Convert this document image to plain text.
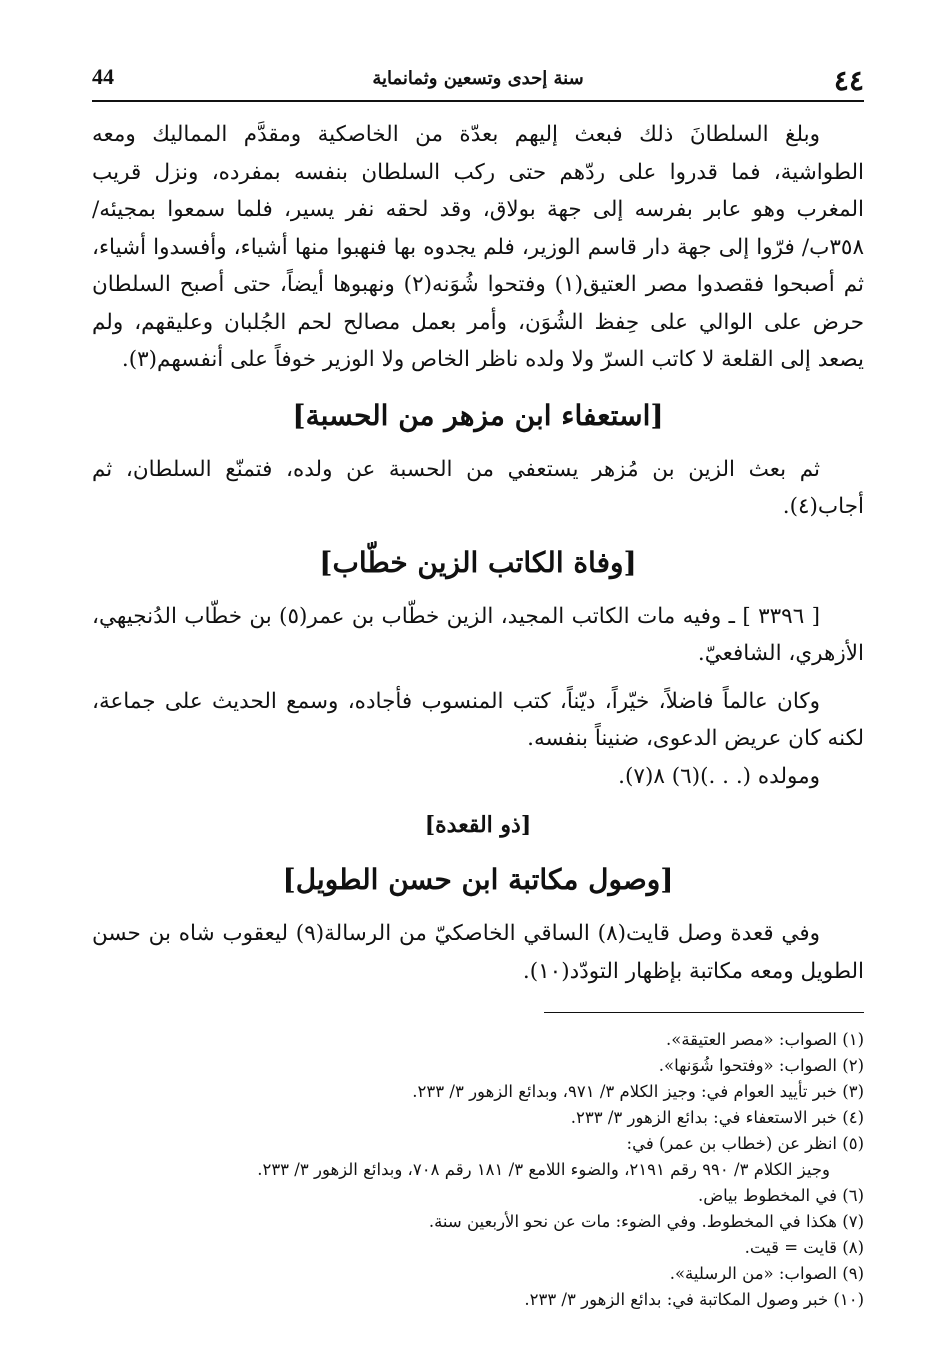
٤٤
سنة إحدى وتسعين وثمانماية
44

وبلغ السلطانَ ذلك فبعث إليهم بعدّة من الخاصكية ومقدَّم المماليك ومعه الطواشية، فما قدروا على ردّهم حتى ركب السلطان بنفسه بمفرده، ونزل قريب المغرب وهو عابر بفرسه إلى جهة بولاق، وقد لحقه نفر يسير، فلما سمعوا بمجيئه/٣٥٨ب/ فرّوا إلى جهة دار قاسم الوزير، فلم يجدوه بها فنهبوا منها أشياء، وأفسدوا أشياء، ثم أصبحوا فقصدوا مصر العتيق(١) وفتحوا شُوَنه(٢) ونهبوها أيضاً، حتى أصبح السلطان حرض على الوالي على حِفظ الشُوَن، وأمر بعمل مصالح لحم الجُلبان وعليقهم، ولم يصعد إلى القلعة لا كاتب السرّ ولا ولده ناظر الخاص ولا الوزير خوفاً على أنفسهم(٣).

[استعفاء ابن مزهر من الحسبة]

ثم بعث الزين بن مُزهر يستعفي من الحسبة عن ولده، فتمنّع السلطان، ثم أجاب(٤).

[وفاة الكاتب الزين خطّاب]

[ ٣٣٩٦ ] ـ وفيه مات الكاتب المجيد، الزين خطّاب بن عمر(٥) بن خطّاب الدُنجيهي، الأزهري، الشافعيّ.

وكان عالماً فاضلاً، خيّراً، ديّناً، كتب المنسوب فأجاده، وسمع الحديث على جماعة، لكنه كان عريض الدعوى، ضنيناً بنفسه.

ومولده (. . .)(٦) ٨(٧).

[ذو القعدة]
[وصول مكاتبة ابن حسن الطويل]

وفي قعدة وصل قايت(٨) الساقي الخاصكيّ من الرسالة(٩) ليعقوب شاه بن حسن الطويل ومعه مكاتبة بإظهار التودّد(١٠).

(١) الصواب: «مصر العتيقة».

(٢) الصواب: «وفتحوا شُوَنها».

(٣) خبر تأييد العوام في: وجيز الكلام ٣/ ٩٧١، وبدائع الزهور ٣/ ٢٣٣.

(٤) خبر الاستعفاء في: بدائع الزهور ٣/ ٢٣٣.

(٥) انظر عن (خطاب بن عمر) في:

وجيز الكلام ٣/ ٩٩٠ رقم ٢١٩١، والضوء اللامع ٣/ ١٨١ رقم ٧٠٨، وبدائع الزهور ٣/ ٢٣٣.

(٦) في المخطوط بياض.

(٧) هكذا في المخطوط. وفي الضوء: مات عن نحو الأربعين سنة.

(٨) قايت = قيت.

(٩) الصواب: «من الرسلية».

(١٠) خبر وصول المكاتبة في: بدائع الزهور ٣/ ٢٣٣.
